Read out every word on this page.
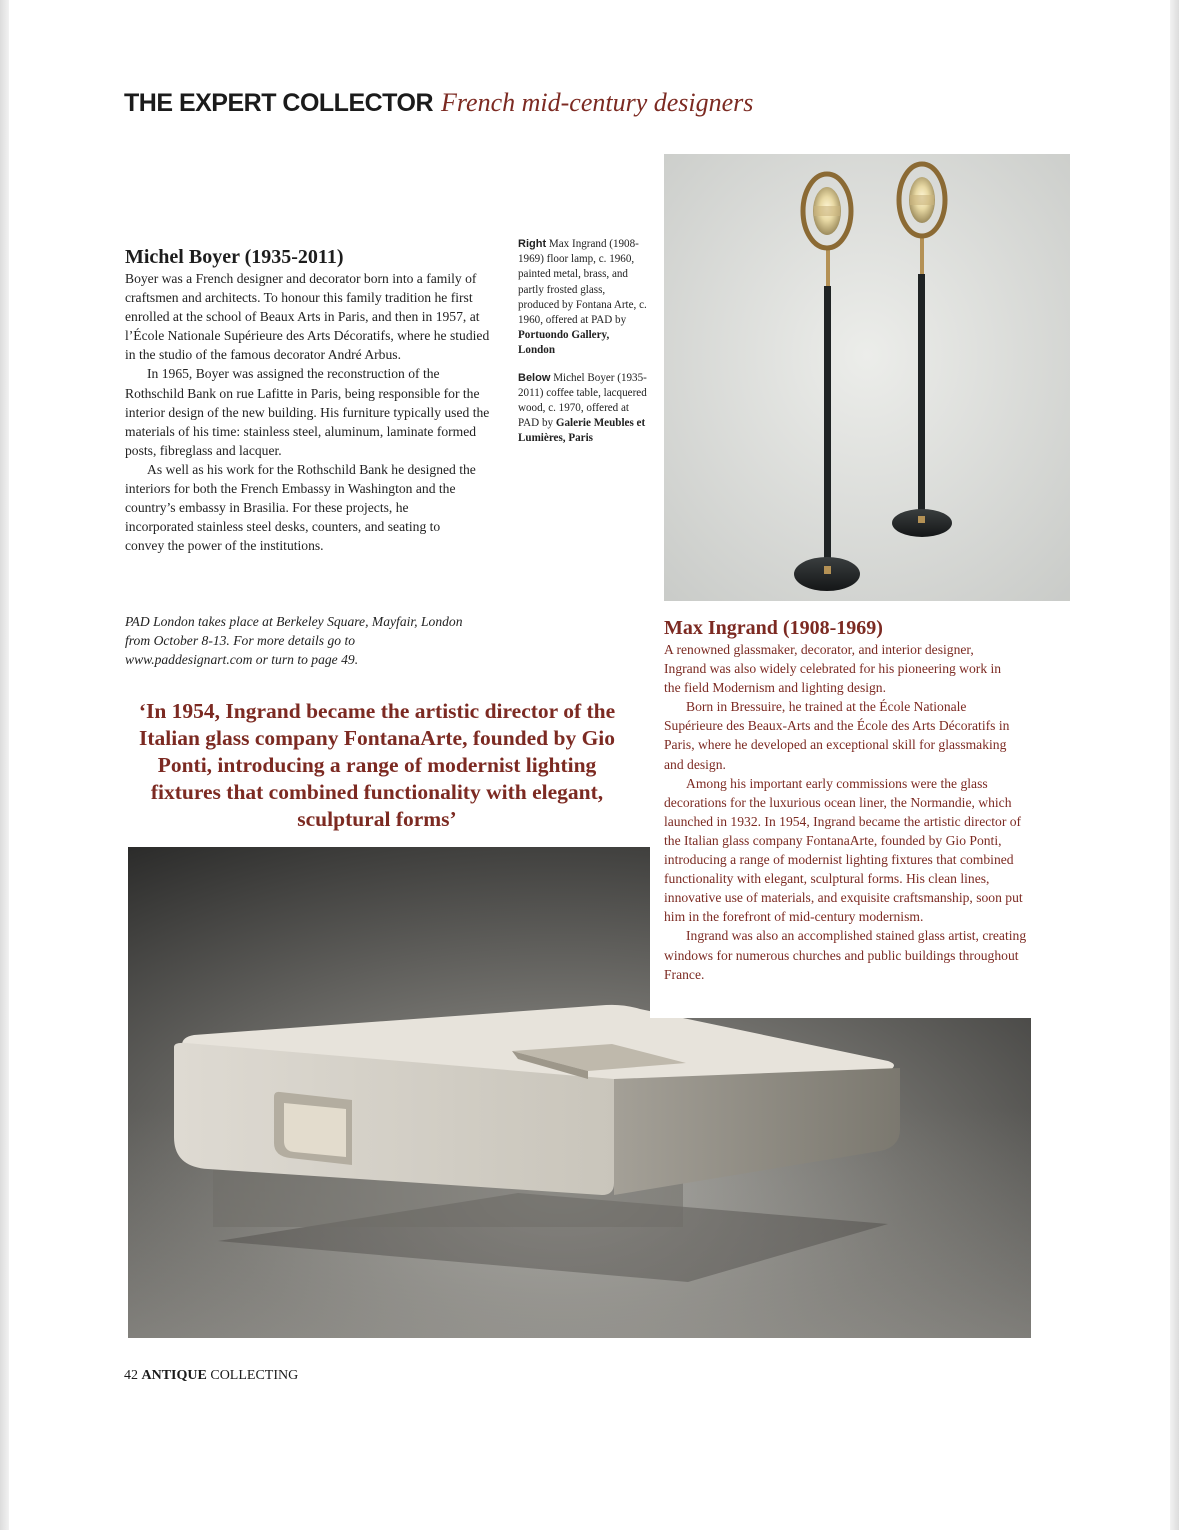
THE EXPERT COLLECTOR French mid-century designers
Michel Boyer (1935-2011)

Boyer was a French designer and decorator born into a family of craftsmen and architects. To honour this family tradition he first enrolled at the school of Beaux Arts in Paris, and then in 1957, at l’École Nationale Supérieure des Arts Décoratifs, where he studied in the studio of the famous decorator André Arbus.

In 1965, Boyer was assigned the reconstruction of the Rothschild Bank on rue Lafitte in Paris, being responsible for the interior design of the new building. His furniture typically used the materials of his time: stainless steel, aluminum, laminate formed posts, fibreglass and lacquer.

As well as his work for the Rothschild Bank he designed the interiors for both the French Embassy in Washington and the country’s embassy in Brasilia. For these projects, he incorporated stainless steel desks, counters, and seating to convey the power of the institutions.

PAD London takes place at Berkeley Square, Mayfair, London from October 8-13. For more details go to www.paddesignart.com or turn to page 49.

Right Max Ingrand (1908-1969) floor lamp, c. 1960, painted metal, brass, and partly frosted glass, produced by Fontana Arte, c. 1960, offered at PAD by Portuondo Gallery, London

Below Michel Boyer (1935-2011) coffee table, lacquered wood, c. 1970, offered at PAD by Galerie Meubles et Lumières, Paris

‘In 1954, Ingrand became the artistic director of the Italian glass company FontanaArte, founded by Gio Ponti, introducing a range of modernist lighting fixtures that combined functionality with elegant, sculptural forms’

Max Ingrand (1908-1969)

A renowned glassmaker, decorator, and interior designer, Ingrand was also widely celebrated for his pioneering work in the field Modernism and lighting design.

Born in Bressuire, he trained at the École Nationale Supérieure des Beaux-Arts and the École des Arts Décoratifs in Paris, where he developed an exceptional skill for glassmaking and design.

Among his important early commissions were the glass decorations for the luxurious ocean liner, the Normandie, which launched in 1932. In 1954, Ingrand became the artistic director of the Italian glass company FontanaArte, founded by Gio Ponti, introducing a range of modernist lighting fixtures that combined functionality with elegant, sculptural forms. His clean lines, innovative use of materials, and exquisite craftsmanship, soon put him in the forefront of mid-century modernism.

Ingrand was also an accomplished stained glass artist, creating windows for numerous churches and public buildings throughout France.

42 ANTIQUE COLLECTING
